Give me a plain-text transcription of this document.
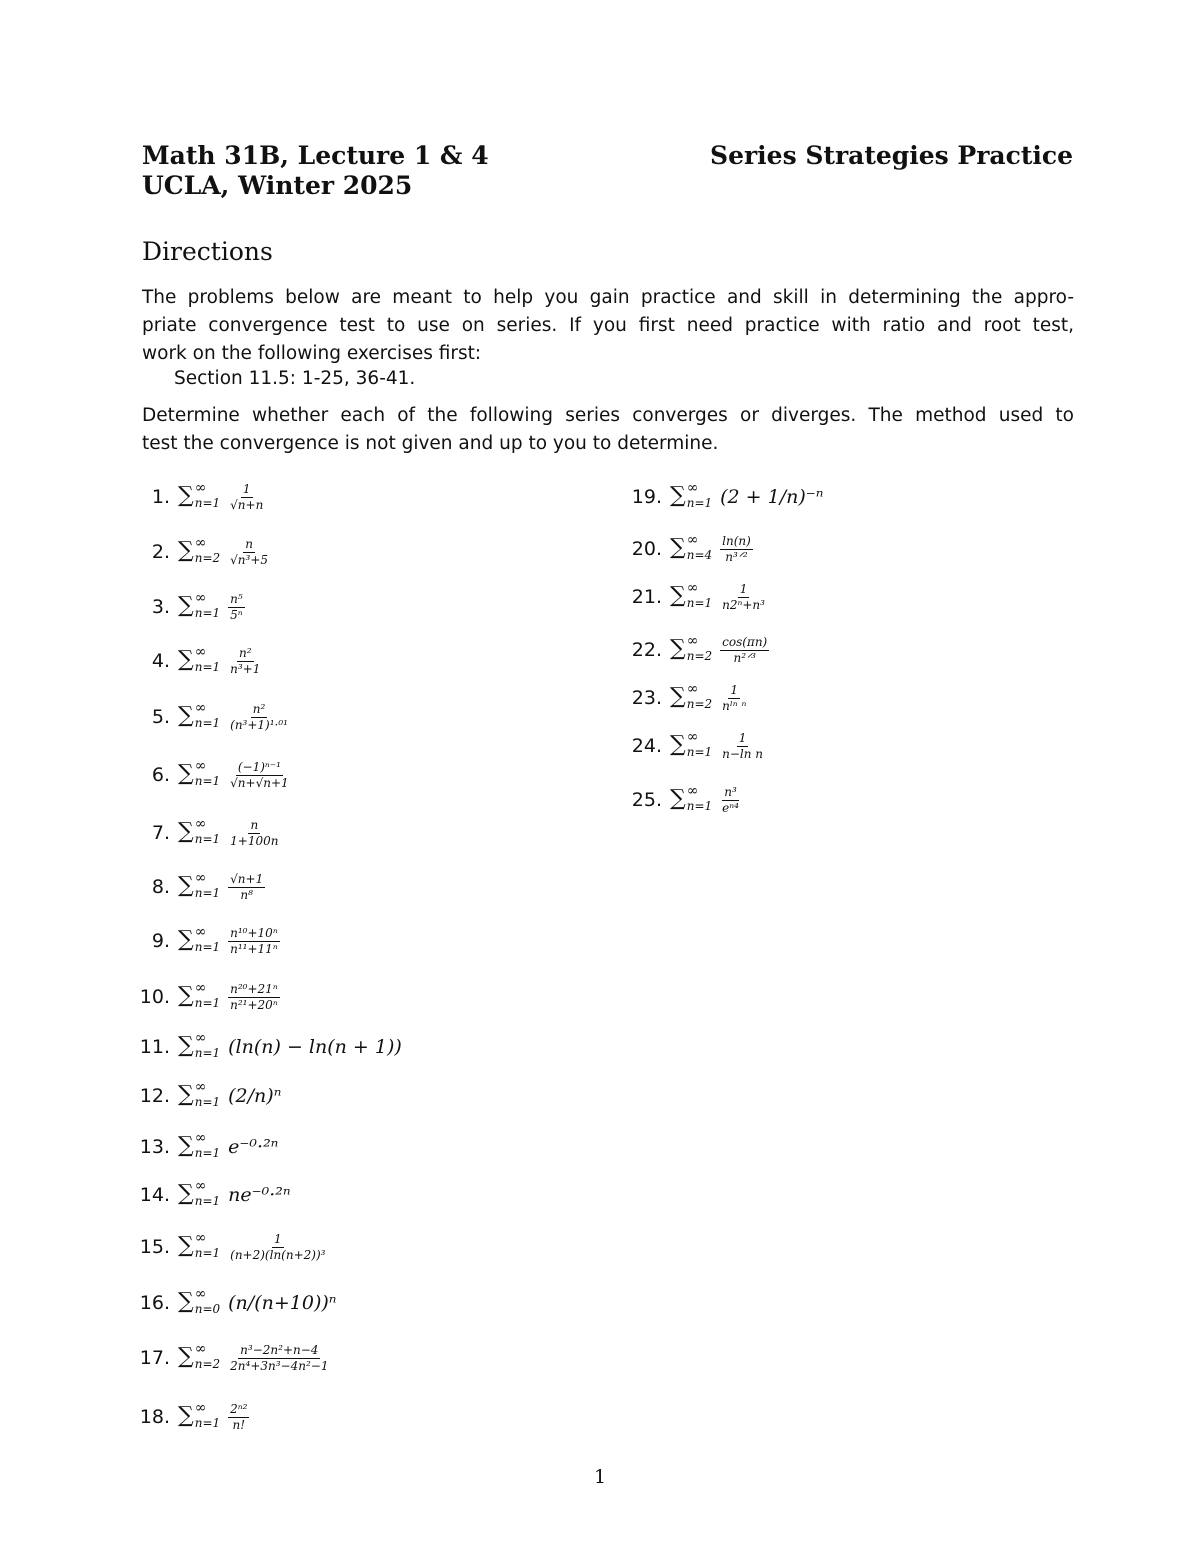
Math 31B, Lecture 1 & 4
UCLA, Winter 2025
Series Strategies Practice
Directions
The problems below are meant to help you gain practice and skill in determining the appro-
priate convergence test to use on series. If you first need practice with ratio and root test,
work on the following exercises first:
Section 11.5: 1-25, 36-41.
Determine whether each of the following series converges or diverges. The method used to
test the convergence is not given and up to you to determine.
1. ∑ ∞
$n=1 \frac{1}{√n+n}$
2. ∑ ∞
$n=2 \frac{n}{\text{√n³+5}}$
3. ∑ ∞
$n=1 \frac{\text{n⁵}}{\text{5ⁿ}}$
4. ∑ ∞
$n=1 \frac{\text{n²}}{\text{n³+1}}$
5. ∑ ∞
$n=1 \frac{\text{n²}}{\text{(n³+1)¹·⁰¹}}$
6. ∑ ∞
$n=1 \frac{\text{(−1)ⁿ⁻¹}}{√n+√n+1}$
7. ∑ ∞
$n=1 \frac{n}{1+100n}$
8. ∑ ∞
$n=1 \frac{√n+1}{\text{n⁸}}$
9. ∑ ∞
$n=1 \frac{\text{n¹⁰+10ⁿ}}{\text{n¹¹+11ⁿ}}$
10. ∑ ∞
$n=1 \frac{\text{n²⁰+21ⁿ}}{\text{n²¹+20ⁿ}}$
11. ∑ ∞
n=1 (ln(n) − ln(n + 1))
12. ∑ ∞
n=1 (2/n)ⁿ
13. ∑ ∞
n=1 e⁻⁰·²ⁿ
14. ∑ ∞
n=1 ne⁻⁰·²ⁿ
15. ∑ ∞
$n=1 \frac{1}{\text{(n+2)(ln(n+2))³}}$
16. ∑ ∞
n=0 (n/(n+10))ⁿ
17. ∑ ∞
$n=2 \frac{\text{n³−2n²+n−4}}{\text{2n⁴+3n³−4n²−1}}$
18. ∑ ∞
$n=1 \frac{\text{2ⁿ²}}{n!}$
19. ∑ ∞
n=1 (2 + 1/n)⁻ⁿ
20. ∑ ∞
$n=4 \frac{\ln(n)}{\text{n³ᐟ²}}$
21. ∑ ∞
$n=1 \frac{1}{\text{n2ⁿ+n³}}$
22. ∑ ∞
$n=2 \frac{\cos(\pi n)}{\text{n²ᐟ³}}$
23. ∑ ∞
$n=2 \frac{1}{\text{nˡⁿ ⁿ}}$
24. ∑ ∞
$n=1 \frac{1}{\text{n−ln n}}$
25. ∑ ∞
$n=1 \frac{\text{n³}}{\text{eⁿ⁴}}$
1
